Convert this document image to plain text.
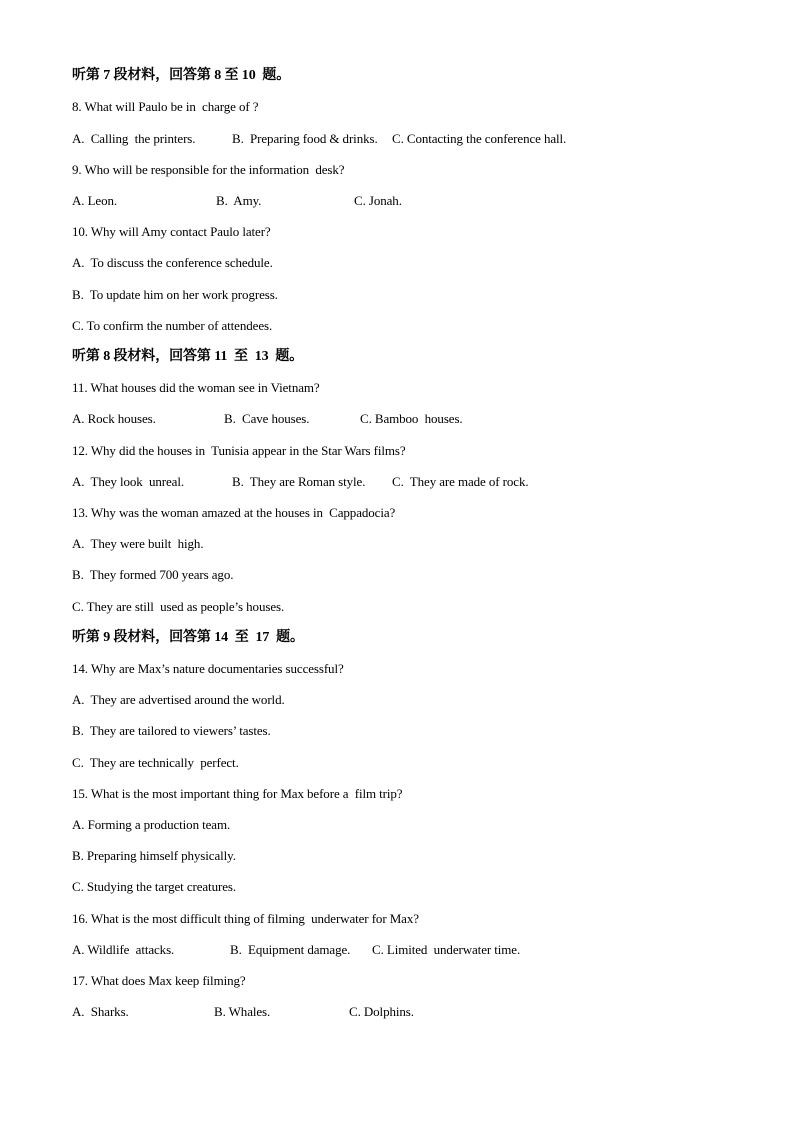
听第 7 段材料，回答第 8 至 10  题。
8. What will Paulo be in  charge of ?

A.  Calling  the printers.

	B.  Preparing food & drinks.

C. Contacting the conference hall.

9. Who will be responsible for the information  desk?

A. Leon.

	B.  Amy.

	C. Jonah.

10. Why will Amy contact Paulo later?
A.  To discuss the conference schedule.
B.  To update him on her work progress.
C. To confirm the number of attendees.
听第 8 段材料，回答第 11  至  13  题。
11. What houses did the woman see in Vietnam?

A. Rock houses.

	B.  Cave houses.

	C. Bamboo  houses.

12. Why did the houses in  Tunisia appear in the Star Wars films?

A.  They look  unreal.

	B.  They are Roman style.

C.  They are made of rock.

13. Why was the woman amazed at the houses in  Cappadocia?
A.  They were built  high.
B.  They formed 700 years ago.
C. They are still  used as people’s houses.
听第 9 段材料，回答第 14  至  17  题。
14. Why are Max’s nature documentaries successful?
A.  They are advertised around the world.
B.  They are tailored to viewers’ tastes.
C.  They are technically  perfect.
15. What is the most important thing for Max before a  film trip?
A. Forming a production team.
B. Preparing himself physically.
C. Studying the target creatures.
16. What is the most difficult thing of filming  underwater for Max?

A. Wildlife  attacks.

	B.  Equipment damage.

C. Limited  underwater time.

17. What does Max keep filming?

A.  Sharks.

	B. Whales.

	C. Dolphins.
